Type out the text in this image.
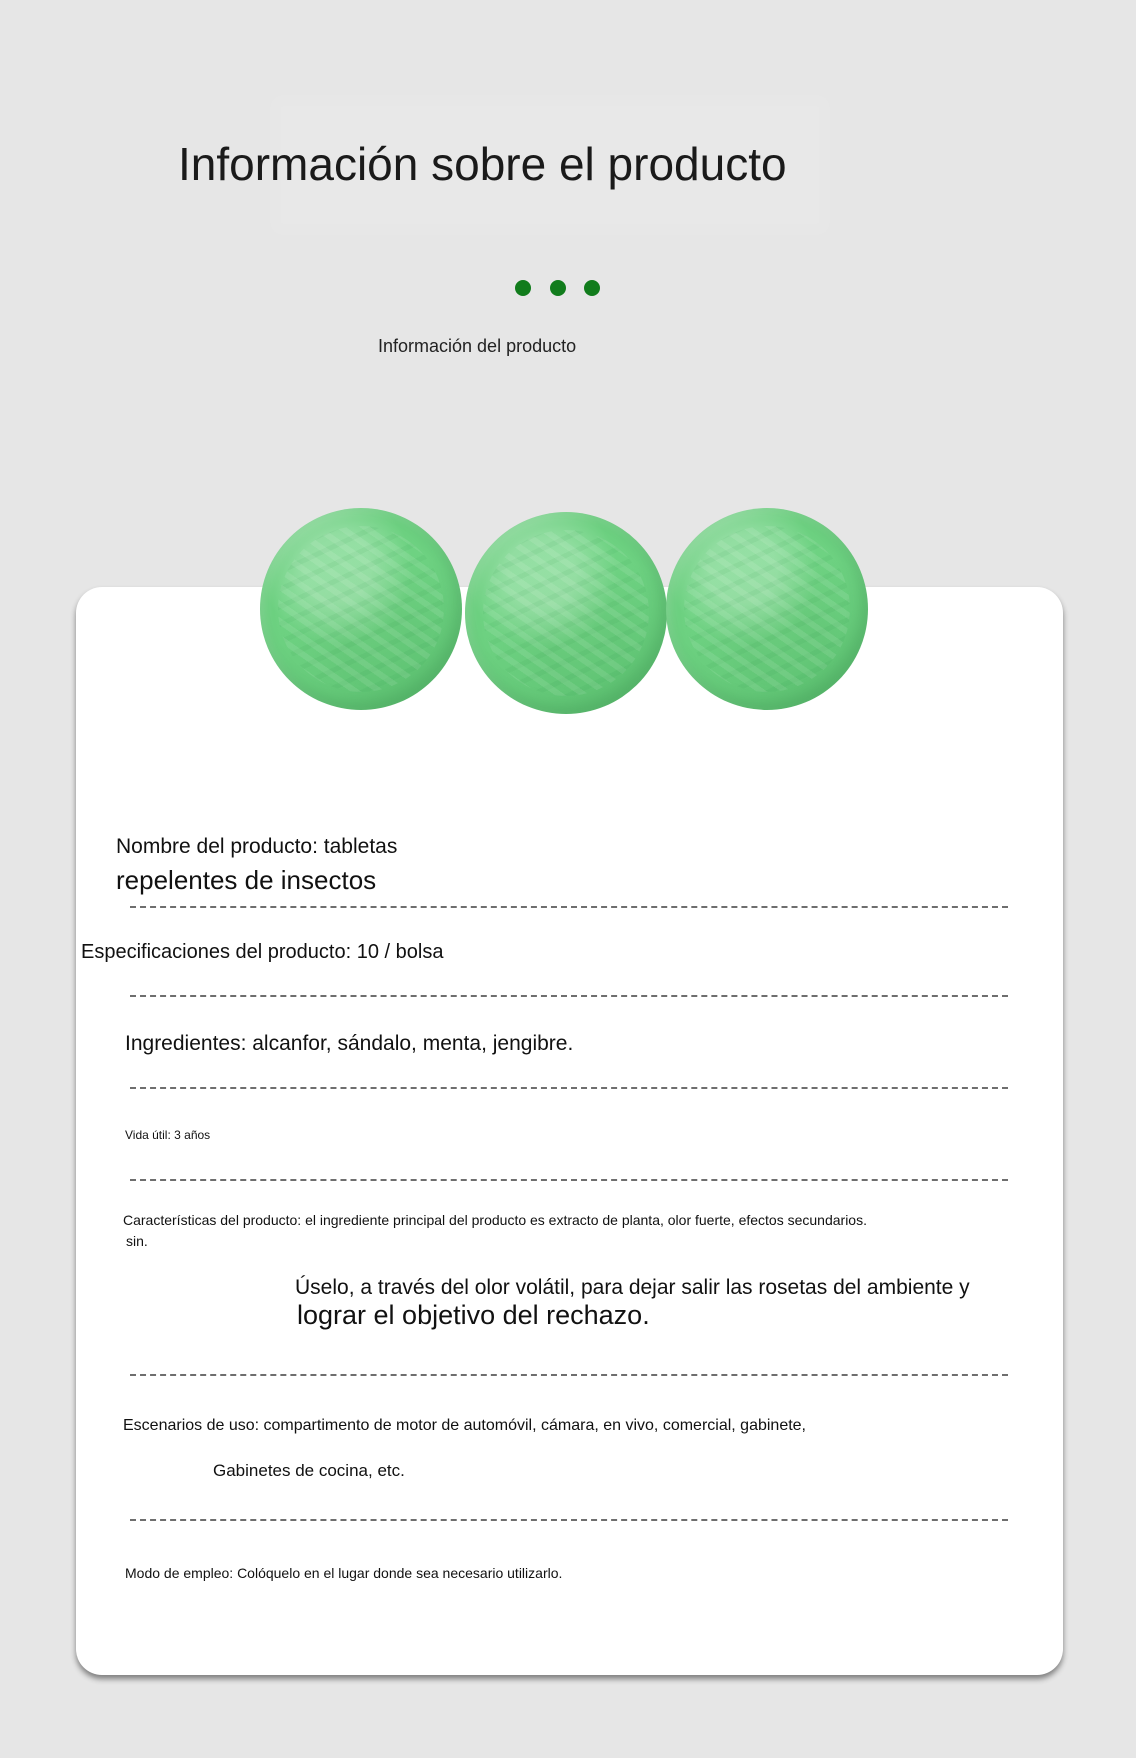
Información sobre el producto
Información del producto
Nombre del producto: tabletas
repelentes de insectos
Especificaciones del producto: 10 / bolsa
Ingredientes: alcanfor, sándalo, menta, jengibre.
Vida útil: 3 años
Características del producto: el ingrediente principal del producto es extracto de planta, olor fuerte, efectos secundarios.
sin.
Úselo, a través del olor volátil, para dejar salir las rosetas del ambiente y
lograr el objetivo del rechazo.
Escenarios de uso: compartimento de motor de automóvil, cámara, en vivo, comercial, gabinete,
Gabinetes de cocina, etc.
Modo de empleo: Colóquelo en el lugar donde sea necesario utilizarlo.
